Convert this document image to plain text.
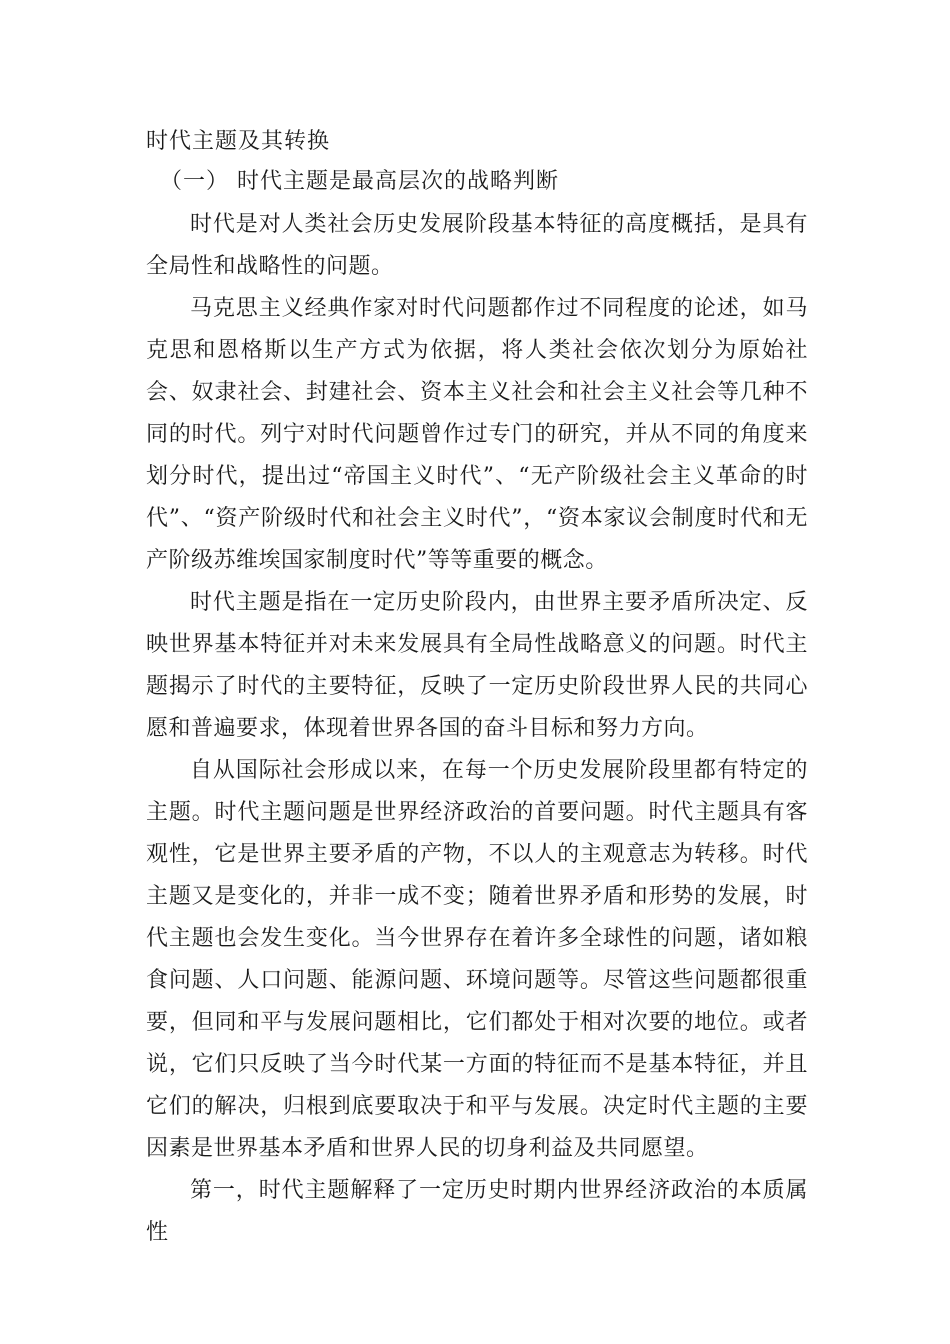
时代主题及其转换
（一） 时代主题是最高层次的战略判断

时代是对人类社会历史发展阶段基本特征的高度概括，是具有全局性和战略性的问题。

马克思主义经典作家对时代问题都作过不同程度的论述，如马克思和恩格斯以生产方式为依据，将人类社会依次划分为原始社会、奴隶社会、封建社会、资本主义社会和社会主义社会等几种不同的时代。列宁对时代问题曾作过专门的研究，并从不同的角度来划分时代，提出过“帝国主义时代”、“无产阶级社会主义革命的时代”、“资产阶级时代和社会主义时代”，“资本家议会制度时代和无产阶级苏维埃国家制度时代”等等重要的概念。

时代主题是指在一定历史阶段内，由世界主要矛盾所决定、反映世界基本特征并对未来发展具有全局性战略意义的问题。时代主题揭示了时代的主要特征，反映了一定历史阶段世界人民的共同心愿和普遍要求，体现着世界各国的奋斗目标和努力方向。

自从国际社会形成以来，在每一个历史发展阶段里都有特定的主题。时代主题问题是世界经济政治的首要问题。时代主题具有客观性，它是世界主要矛盾的产物，不以人的主观意志为转移。时代主题又是变化的，并非一成不变；随着世界矛盾和形势的发展，时代主题也会发生变化。当今世界存在着许多全球性的问题，诸如粮食问题、人口问题、能源问题、环境问题等。尽管这些问题都很重要，但同和平与发展问题相比，它们都处于相对次要的地位。或者说，它们只反映了当今时代某一方面的特征而不是基本特征，并且它们的解决，归根到底要取决于和平与发展。决定时代主题的主要因素是世界基本矛盾和世界人民的切身利益及共同愿望。

第一，时代主题解释了一定历史时期内世界经济政治的本质属性
